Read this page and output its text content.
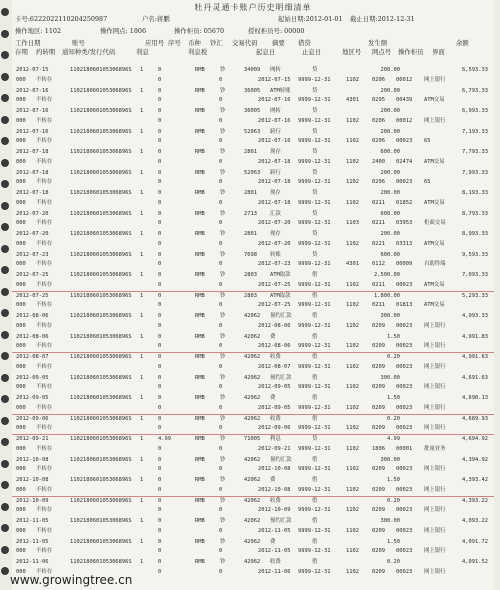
牡丹灵通卡账户历史明细清单
卡号:6222022110204250987	户名:蒋鹏	起始日期:2012-01-01 截止日期:2012-12-31
操作地区: 1102	操作网点: 1806	操作柜员: 05670	授权柜员号: 00000
工作日期	账号	应用号 序号 币种 钞汇 交易代码 摘要 借贷	发生额	余额
存期 约转期 通知种类/发行代码	利息	利息税	起息日	止息日	地区号 网点号 操作柜员 界面
2012-07-15	110218060105306896S 1	0	RMB	钞	34009 网转	贷	200.00	6,593.33
000 不转存	0	0	2012-07-15 9999-12-31	1102 0206 00012 网上银行
2012-07-16	110218060105306896S 1	0	RMB	钞	36005 ATM转账	贷	200.00	6,793.33
000 不转存	0	0	2012-07-16 9999-12-31	4301 0295 00439 ATM交易
2012-07-16	110218060105306896S 1	0	RMB	钞	36005 网转	贷	200.00	6,993.33
000 不转存	0	0	2012-07-16 9999-12-31	1102 0206 00012 网上银行
2012-07-16	110218060105306896S 1	0	RMB	钞	52063 跨行	贷	200.00	7,193.33
000 不转存	0	0	2012-07-16 9999-12-31	1102 0206 00023 65
2012-07-18	110218060105306896S 1	0	RMB	钞	2801 现存	贷	600.00	7,793.33
000 不转存	0	0	2012-07-18 9999-12-31	1102 2400 02474 ATM交易
2012-07-18	110218060105306896S 1	0	RMB	钞	52063 跨行	贷	200.00	7,993.33
000 不转存	0	0	2012-07-18 9999-12-31	1102 0206 00023 65
2012-07-18	110218060105306896S 1	0	RMB	钞	2801 现存	贷	200.00	8,193.33
000 不转存	0	0	2012-07-18 9999-12-31	1102 0211 01852 ATM交易
2012-07-20	110218060105306896S 1	0	RMB	钞	2713 汇款	贷	600.00	8,793.33
000 不转存	0	0	2012-07-20 9999-12-31	1103 0211 03953 柜面交易
2012-07-20	110218060105306896S 1	0	RMB	钞	2801 现存	贷	200.00	8,993.33
000 不转存	0	0	2012-07-20 9999-12-31	1102 0221 03313 ATM交易
2012-07-23	110218060105306896S 1	0	RMB	钞	7698 转账	贷	600.00	9,593.33
000 不转存	0	0	2012-07-23 9999-12-31	4301 0112 00009 自助终端
2012-07-25	110218060105306896S 1	0	RMB	钞	2803 ATM取款	借	2,500.00	7,093.33
000 不转存	0	0	2012-07-25 9999-12-31	1102 0211 00023 ATM交易
2012-07-25	110218060105306896S 1	0	RMB	钞	2803 ATM取款	借	1,800.00	5,293.33
000 不转存	0	0	2012-07-25 9999-12-31	1102 0211 01813 ATM交易
2012-08-06	110218060105306896S 1	0	RMB	钞	42062 预约汇款	借	300.00	4,993.33
000 不转存	0	0	2012-08-06 9999-12-31	1102 0209 00023 网上银行
2012-08-06	110218060105306896S 1	0	RMB	钞	42062 费	借	1.50	4,991.83
000 不转存	0	0	2012-08-06 9999-12-31	1102 0209 00023 网上银行
2012-08-07	110218060105306896S 1	0	RMB	钞	42062 收费	借	0.20	4,991.63
000 不转存	0	0	2012-08-07 9999-12-31	1102 0209 00023 网上银行
2012-09-05	110218060105306896S 1	0	RMB	钞	42062 预约汇款	借	300.00	4,691.63
000 不转存	0	0	2012-09-05 9999-12-31	1102 0209 00023 网上银行
2012-09-05	110218060105306896S 1	0	RMB	钞	42062 费	借	1.50	4,690.13
000 不转存	0	0	2012-09-05 9999-12-31	1102 0209 00023 网上银行
2012-09-06	110218060105306896S 1	0	RMB	钞	42062 收费	借	0.20	4,689.93
000 不转存	0	0	2012-09-06 9999-12-31	1102 0209 00023 网上银行
2012-09-21	110218060105306896S 1	4.99	RMB	钞	71005 利息	贷	4.99	4,694.92
000 不转存	0	0	2012-09-21 9999-12-31	1102 1806 00001 批量业务
2012-10-08	110218060105306896S 1	0	RMB	钞	42062 预约汇款	借	300.00	4,394.92
000 不转存	0	0	2012-10-08 9999-12-31	1102 0209 00023 网上银行
2012-10-08	110218060105306896S 1	0	RMB	钞	42062 费	借	1.50	4,393.42
000 不转存	0	0	2012-10-08 9999-12-31	1102 0209 00023 网上银行
2012-10-09	110218060105306896S 1	0	RMB	钞	42062 收费	借	0.20	4,393.22
000 不转存	0	0	2012-10-09 9999-12-31	1102 0209 00023 网上银行
2012-11-05	110218060105306896S 1	0	RMB	钞	42062 预约汇款	借	300.00	4,093.22
000 不转存	0	0	2012-11-05 9999-12-31	1102 0209 00023 网上银行
2012-11-05	110218060105306896S 1	0	RMB	钞	42062 费	借	1.50	4,091.72
000 不转存	0	0	2012-11-05 9999-12-31	1102 0209 00023 网上银行
2012-11-06	110218060105306896S 1	0	RMB	钞	42062 收费	借	0.20	4,091.52
000 不转存	0	0	2012-11-06 9999-12-31	1102 0209 00023 网上银行
www.growingtree.cn
